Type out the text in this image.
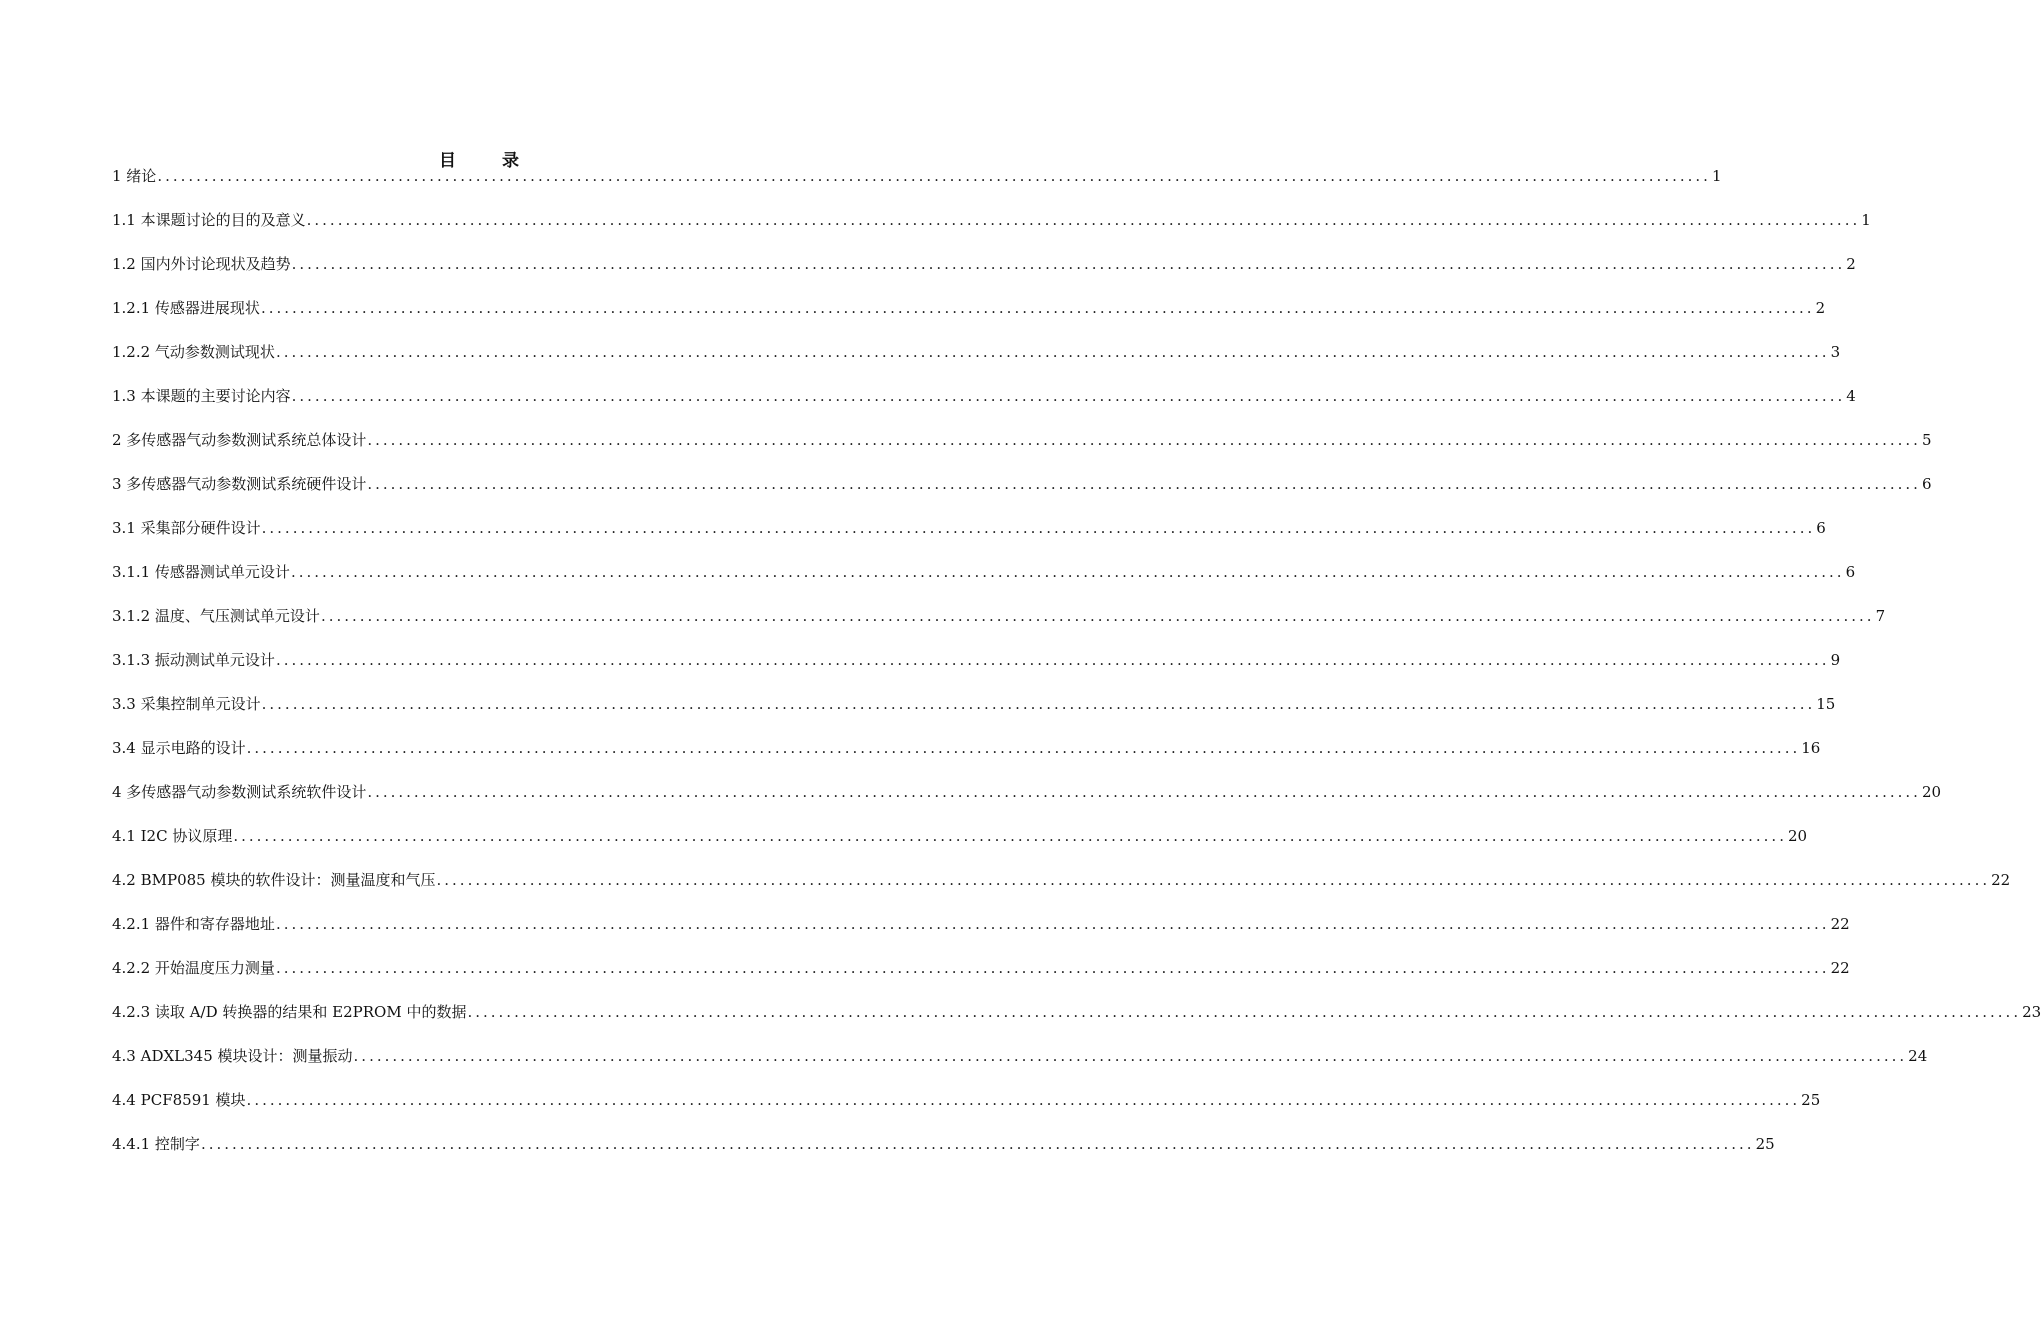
目 录
1 绪论 ........................................................................................................................................................................................................ 1
1.1 本课题讨论的目的及意义 ........................................................................................................................................................................................................ 1
1.2 国内外讨论现状及趋势 ........................................................................................................................................................................................................ 2
1.2.1 传感器进展现状 ........................................................................................................................................................................................................ 2
1.2.2 气动参数测试现状 ........................................................................................................................................................................................................ 3
1.3 本课题的主要讨论内容 ........................................................................................................................................................................................................ 4
2 多传感器气动参数测试系统总体设计 ........................................................................................................................................................................................................ 5
3 多传感器气动参数测试系统硬件设计 ........................................................................................................................................................................................................ 6
3.1 采集部分硬件设计 ........................................................................................................................................................................................................ 6
3.1.1 传感器测试单元设计 ........................................................................................................................................................................................................ 6
3.1.2 温度、气压测试单元设计 ........................................................................................................................................................................................................ 7
3.1.3 振动测试单元设计 ........................................................................................................................................................................................................ 9
3.3 采集控制单元设计 ........................................................................................................................................................................................................ 15
3.4 显示电路的设计 ........................................................................................................................................................................................................ 16
4 多传感器气动参数测试系统软件设计 ........................................................................................................................................................................................................ 20
4.1 I2C 协议原理 ........................................................................................................................................................................................................ 20
4.2 BMP085 模块的软件设计：测量温度和气压 ........................................................................................................................................................................................................ 22
4.2.1 器件和寄存器地址 ........................................................................................................................................................................................................ 22
4.2.2 开始温度压力测量 ........................................................................................................................................................................................................ 22
4.2.3 读取 A/D 转换器的结果和 E2PROM 中的数据 ........................................................................................................................................................................................................ 23
4.3 ADXL345 模块设计：测量振动 ........................................................................................................................................................................................................ 24
4.4 PCF8591 模块 ........................................................................................................................................................................................................ 25
4.4.1 控制字 ........................................................................................................................................................................................................ 25
